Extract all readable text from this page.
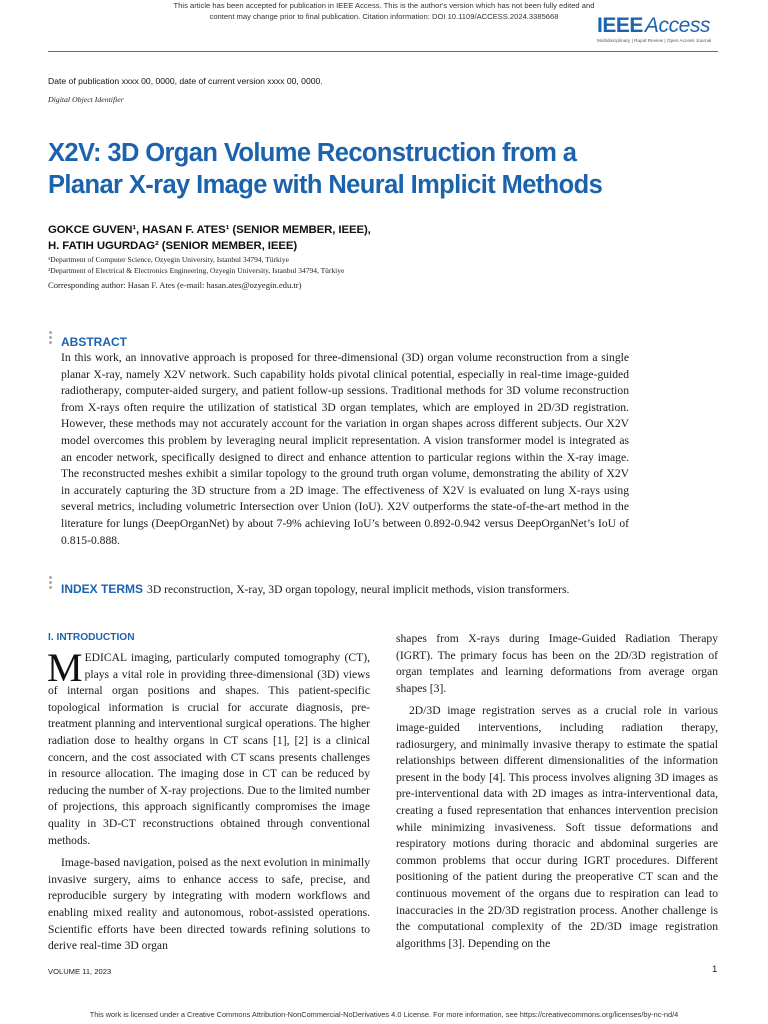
This article has been accepted for publication in IEEE Access. This is the author's version which has not been fully edited and
content may change prior to final publication. Citation information: DOI 10.1109/ACCESS.2024.3385668	IEEEAccess
Multidisciplinary | Rapid Review | Open Access Journal
Date of publication xxxx 00, 0000, date of current version xxxx 00, 0000.
Digital Object Identifier
X2V: 3D Organ Volume Reconstruction from a
Planar X-ray Image with Neural Implicit Methods
GOKCE GUVEN¹, HASAN F. ATES¹ (SENIOR MEMBER, IEEE),
H. FATIH UGURDAG² (SENIOR MEMBER, IEEE)
¹Department of Computer Science, Ozyegin University, Istanbul 34794, Türkiye
²Department of Electrical & Electronics Engineering, Ozyegin University, Istanbul 34794, Türkiye
Corresponding author: Hasan F. Ates (e-mail: hasan.ates@ozyegin.edu.tr)
ABSTRACT
In this work, an innovative approach is proposed for three-dimensional (3D) organ volume reconstruction from a single planar X-ray, namely X2V network. Such capability holds pivotal clinical potential, especially in real-time image-guided radiotherapy, computer-aided surgery, and patient follow-up sessions. Traditional methods for 3D volume reconstruction from X-rays often require the utilization of statistical 3D organ templates, which are employed in 2D/3D registration. However, these methods may not accurately account for the variation in organ shapes across different subjects. Our X2V model overcomes this problem by leveraging neural implicit representation. A vision transformer model is integrated as an encoder network, specifically designed to direct and enhance attention to particular regions within the X-ray image. The reconstructed meshes exhibit a similar topology to the ground truth organ volume, demonstrating the ability of X2V in accurately capturing the 3D structure from a 2D image. The effectiveness of X2V is evaluated on lung X-rays using several metrics, including volumetric Intersection over Union (IoU). X2V outperforms the state-of-the-art method in the literature for lungs (DeepOrganNet) by about 7-9% achieving IoU’s between 0.892-0.942 versus DeepOrganNet’s IoU of 0.815-0.888.
INDEX TERMS 3D reconstruction, X-ray, 3D organ topology, neural implicit methods, vision transformers.
I. INTRODUCTION

MEDICAL imaging, particularly computed tomography (CT), plays a vital role in providing three-dimensional (3D) views of internal organ positions and shapes. This patient-specific topological information is crucial for accurate diagnosis, pre-treatment planning and interventional surgical operations. The higher radiation dose to healthy organs in CT scans [1], [2] is a clinical concern, and the cost associated with CT scans presents challenges in resource allocation. The imaging dose in CT can be reduced by reducing the number of X-ray projections. Due to the limited number of projections, this approach significantly compromises the image quality in 3D-CT reconstructions obtained through conventional methods.

Image-based navigation, poised as the next evolution in minimally invasive surgery, aims to enhance access to safe, precise, and reproducible surgery by integrating with modern workflows and enabling mixed reality and autonomous, robot-assisted operations. Scientific efforts have been directed towards refining solutions to derive real-time 3D organ

shapes from X-rays during Image-Guided Radiation Therapy (IGRT). The primary focus has been on the 2D/3D registration of organ templates and learning deformations from average organ shapes [3].

2D/3D image registration serves as a crucial role in various image-guided interventions, including radiation therapy, radiosurgery, and minimally invasive therapy to estimate the spatial relationships between different dimensionalities of the information present in the body [4]. This process involves aligning 3D images as pre-interventional data with 2D images as intra-interventional data, creating a fused representation that enhances intervention precision while minimizing invasiveness. Soft tissue deformations and respiratory motions during thoracic and abdominal surgeries are common problems that occur during IGRT procedures. Different positioning of the patient during the preoperative CT scan and the continuous movement of the organs due to respiration can lead to inaccuracies in the 2D/3D registration process. Another challenge is the computational complexity of the 2D/3D image registration algorithms [3]. Depending on the

VOLUME 11, 2023	1
This work is licensed under a Creative Commons Attribution-NonCommercial-NoDerivatives 4.0 License. For more information, see https://creativecommons.org/licenses/by-nc-nd/4
